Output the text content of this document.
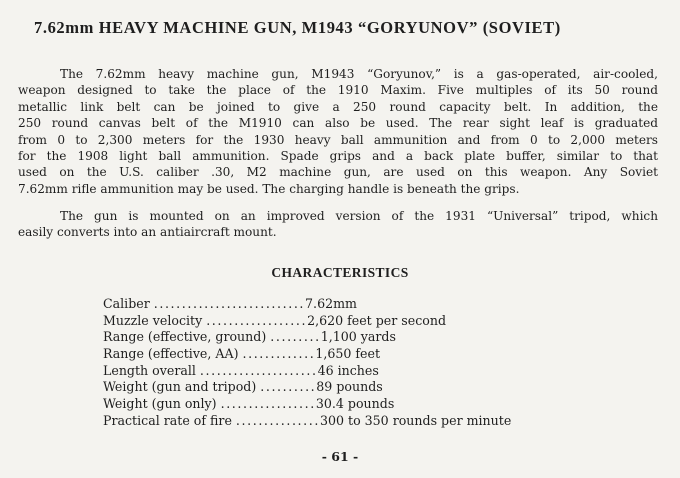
7.62mm HEAVY MACHINE GUN, M1943 “GORYUNOV” (SOVIET)

The 7.62mm heavy machine gun, M1943 “Goryunov,” is a gas-operated, air-cooled,
weapon designed to take the place of the 1910 Maxim. Five multiples of its 50 round
metallic link belt can be joined to give a 250 round capacity belt. In addition, the
250 round canvas belt of the M1910 can also be used. The rear sight leaf is graduated
from 0 to 2,300 meters for the 1930 heavy ball ammunition and from 0 to 2,000 meters
for the 1908 light ball ammunition. Spade grips and a back plate buffer, similar to that
used on the U.S. caliber .30, M2 machine gun, are used on this weapon. Any Soviet
7.62mm rifle ammunition may be used. The charging handle is beneath the grips.

The gun is mounted on an improved version of the 1931 “Universal” tripod, which
easily converts into an antiaircraft mount.

CHARACTERISTICS
Caliber ........................... 7.62mm
Muzzle velocity .................. 2,620 feet per second
Range (effective, ground) ......... 1,100 yards
Range (effective, AA) ............. 1,650 feet
Length overall ..................... 46 inches
Weight (gun and tripod) .......... 89 pounds
Weight (gun only) ................. 30.4 pounds
Practical rate of fire ............... 300 to 350 rounds per minute
- 61 -
